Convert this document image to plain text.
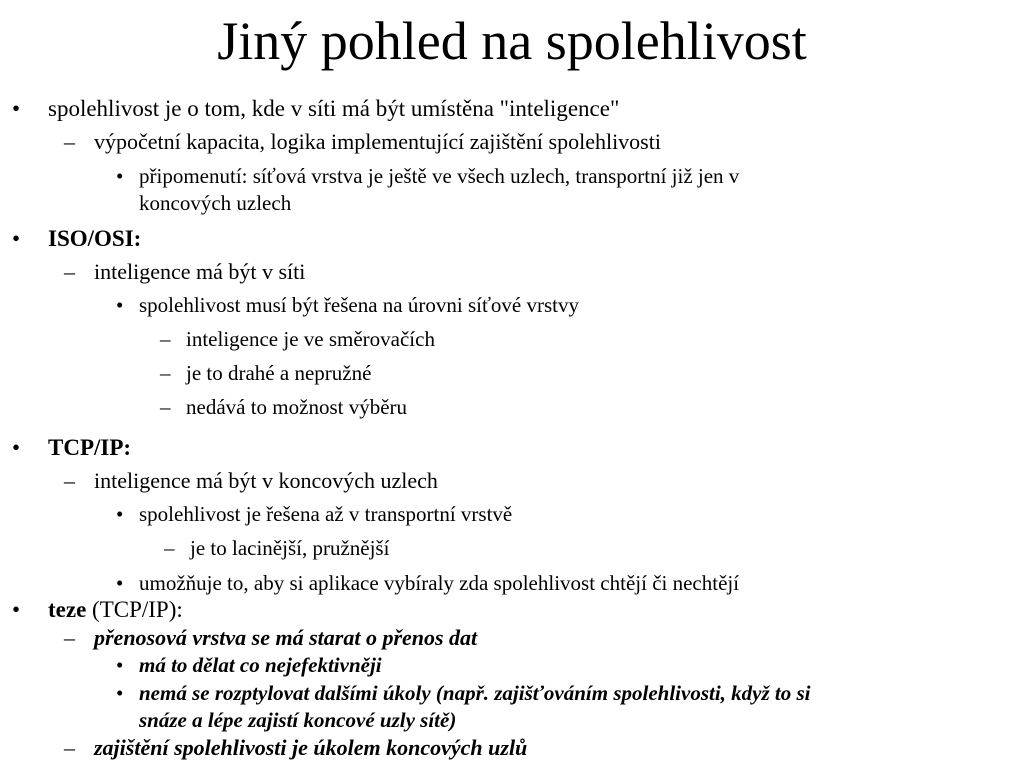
Jiný pohled na spolehlivost
• spolehlivost je o tom, kde v síti má být umístěna "inteligence"
– výpočetní kapacita, logika implementující zajištění spolehlivosti
• připomenutí: síťová vrstva je ještě ve všech uzlech, transportní již jen v
koncových uzlech
• ISO/OSI:
– inteligence má být v síti
• spolehlivost musí být řešena na úrovni síťové vrstvy
– inteligence je ve směrovačích
– je to drahé a nepružné
– nedává to možnost výběru
• TCP/IP:
– inteligence má být v koncových uzlech
• spolehlivost je řešena až v transportní vrstvě
– je to lacinější, pružnější
• umožňuje to, aby si aplikace vybíraly zda spolehlivost chtějí či nechtějí
• teze (TCP/IP):
– přenosová vrstva se má starat o přenos dat
• má to dělat co nejefektivněji
• nemá se rozptylovat dalšími úkoly (např. zajišťováním spolehlivosti, když to si
snáze a lépe zajistí koncové uzly sítě)
– zajištění spolehlivosti je úkolem koncových uzlů
